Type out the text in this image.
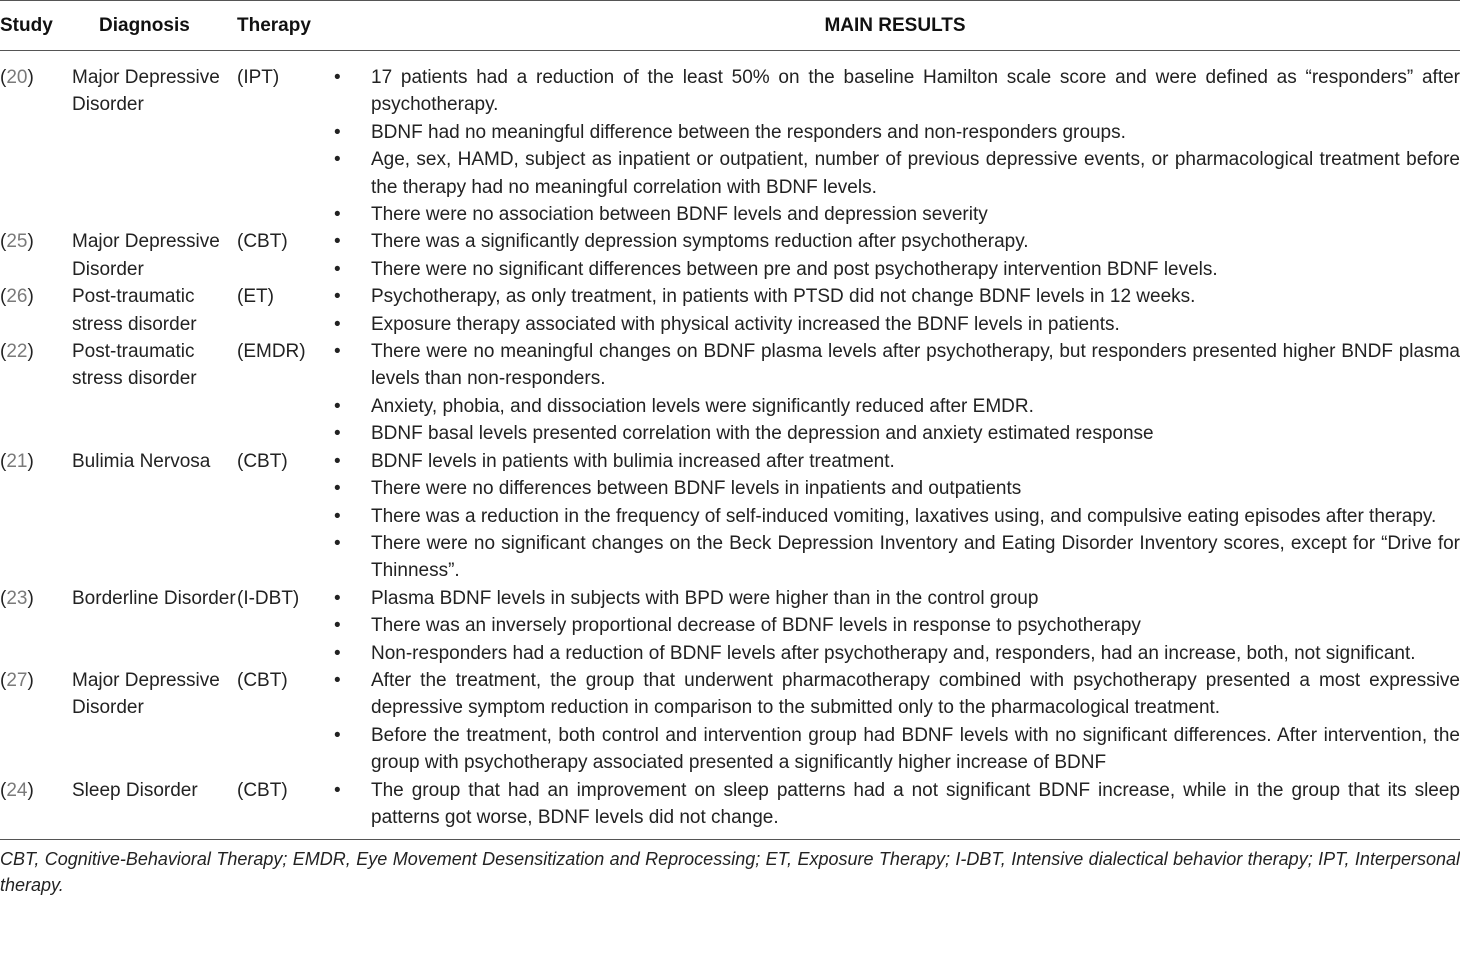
Study	Diagnosis	Therapy	MAIN RESULTS	
(20)	Major Depressive Disorder	(IPT)	•	17 patients had a reduction of the least 50% on the baseline Hamilton scale score and were defined as “responders” after psychotherapy.
			•	BDNF had no meaningful difference between the responders and non-responders groups.
			•	Age, sex, HAMD, subject as inpatient or outpatient, number of previous depressive events, or pharmacological treatment before the therapy had no meaningful correlation with BDNF levels.
			•	There were no association between BDNF levels and depression severity
(25)	Major Depressive Disorder	(CBT)	•	There was a significantly depression symptoms reduction after psychotherapy.
			•	There were no significant differences between pre and post psychotherapy intervention BDNF levels.
(26)	Post-traumatic stress disorder	(ET)	•	Psychotherapy, as only treatment, in patients with PTSD did not change BDNF levels in 12 weeks.
			•	Exposure therapy associated with physical activity increased the BDNF levels in patients.
(22)	Post-traumatic stress disorder	(EMDR)	•	There were no meaningful changes on BDNF plasma levels after psychotherapy, but responders presented higher BNDF plasma levels than non-responders.
			•	Anxiety, phobia, and dissociation levels were significantly reduced after EMDR.
			•	BDNF basal levels presented correlation with the depression and anxiety estimated response
(21)	Bulimia Nervosa	(CBT)	•	BDNF levels in patients with bulimia increased after treatment.
			•	There were no differences between BDNF levels in inpatients and outpatients
			•	There was a reduction in the frequency of self-induced vomiting, laxatives using, and compulsive eating episodes after therapy.
			•	There were no significant changes on the Beck Depression Inventory and Eating Disorder Inventory scores, except for “Drive for Thinness”.
(23)	Borderline Disorder	(I-DBT)	•	Plasma BDNF levels in subjects with BPD were higher than in the control group
			•	There was an inversely proportional decrease of BDNF levels in response to psychotherapy
			•	Non-responders had a reduction of BDNF levels after psychotherapy and, responders, had an increase, both, not significant.
(27)	Major Depressive Disorder	(CBT)	•	After the treatment, the group that underwent pharmacotherapy combined with psychotherapy presented a most expressive depressive symptom reduction in comparison to the submitted only to the pharmacological treatment.
			•	Before the treatment, both control and intervention group had BDNF levels with no significant differences. After intervention, the group with psychotherapy associated presented a significantly higher increase of BDNF
(24)	Sleep Disorder	(CBT)	•	The group that had an improvement on sleep patterns had a not significant BDNF increase, while in the group that its sleep patterns got worse, BDNF levels did not change.
CBT, Cognitive-Behavioral Therapy; EMDR, Eye Movement Desensitization and Reprocessing; ET, Exposure Therapy; I-DBT, Intensive dialectical behavior therapy; IPT, Interpersonal therapy.
